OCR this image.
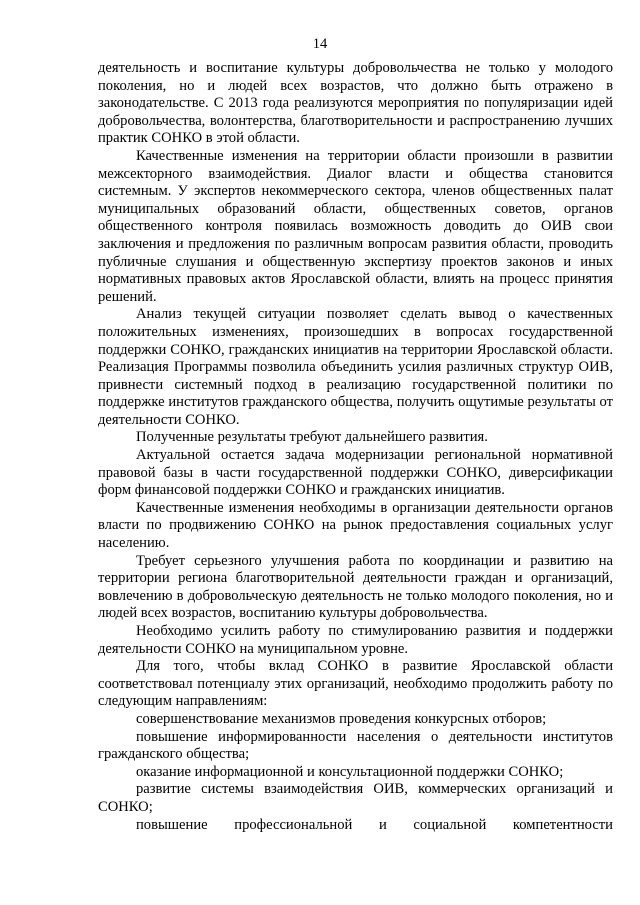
14

деятельность и воспитание культуры добровольчества не только у молодого поколения, но и людей всех возрастов, что должно быть отражено в законодательстве. С 2013 года реализуются мероприятия по популяризации идей добровольчества, волонтерства, благотворительности и распространению лучших практик СОНКО в этой области.

Качественные изменения на территории области произошли в развитии межсекторного взаимодействия. Диалог власти и общества становится системным. У экспертов некоммерческого сектора, членов общественных палат муниципальных образований области, общественных советов, органов общественного контроля появилась возможность доводить до ОИВ свои заключения и предложения по различным вопросам развития области, проводить публичные слушания и общественную экспертизу проектов законов и иных нормативных правовых актов Ярославской области, влиять на процесс принятия решений.

Анализ текущей ситуации позволяет сделать вывод о качественных положительных изменениях, произошедших в вопросах государственной поддержки СОНКО, гражданских инициатив на территории Ярославской области. Реализация Программы позволила объединить усилия различных структур ОИВ, привнести системный подход в реализацию государственной политики по поддержке институтов гражданского общества, получить ощутимые результаты от деятельности СОНКО.

Полученные результаты требуют дальнейшего развития.

Актуальной остается задача модернизации региональной нормативной правовой базы в части государственной поддержки СОНКО, диверсификации форм финансовой поддержки СОНКО и гражданских инициатив.

Качественные изменения необходимы в организации деятельности органов власти по продвижению СОНКО на рынок предоставления социальных услуг населению.

Требует серьезного улучшения работа по координации и развитию на территории региона благотворительной деятельности граждан и организаций, вовлечению в добровольческую деятельность не только молодого поколения, но и людей всех возрастов, воспитанию культуры добровольчества.

Необходимо усилить работу по стимулированию развития и поддержки деятельности СОНКО на муниципальном уровне.

Для того, чтобы вклад СОНКО в развитие Ярославской области соответствовал потенциалу этих организаций, необходимо продолжить работу по следующим направлениям:

совершенствование механизмов проведения конкурсных отборов;

повышение информированности населения о деятельности институтов гражданского общества;

оказание информационной и консультационной поддержки СОНКО;

развитие системы взаимодействия ОИВ, коммерческих организаций и СОНКО;

повышение профессиональной и социальной компетентности
